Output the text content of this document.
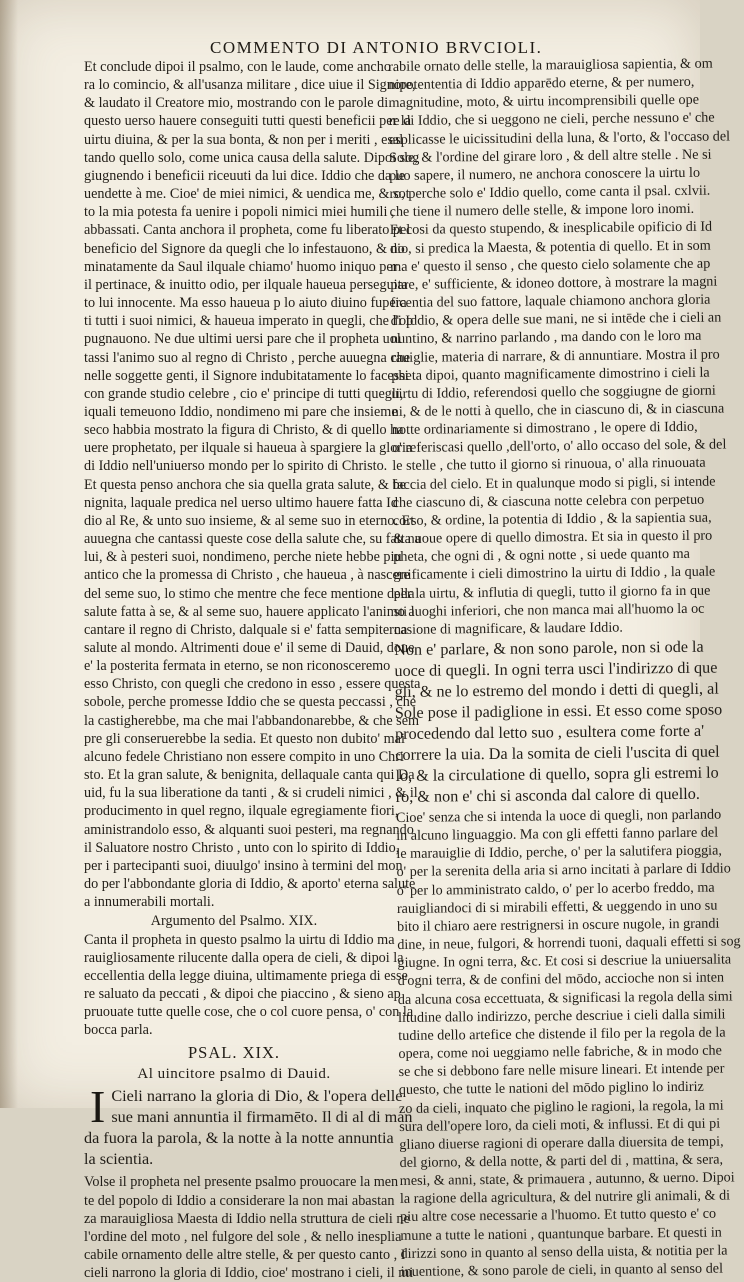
COMMENTO DI ANTONIO BRVCIOLI.
Et conclude dipoi il psalmo, con le laude, come ancho
ra lo comincio, & all'usanza militare , dice uiue il Signore,
& laudato il Creatore mio, mostrando con le parole di
questo uerso hauere conseguiti tutti questi beneficii per la
uirtu diuina, & per la sua bonta, & non per i meriti , esal
tando quello solo, come unica causa della salute. Dipoi sog
giugnendo i beneficii riceuuti da lui dice. Iddio che da le
uendette à me. Cioe' de miei nimici, & uendica me, & sot
to la mia potesta fa uenire i popoli nimici miei humili ,
abbassati. Canta anchora il propheta, come fu liberato pel
beneficio del Signore da quegli che lo infestauono, & no
minatamente da Saul ilquale chiamo' huomo iniquo per
il pertinace, & inuitto odio, per ilquale haueua perseguita
to lui innocente. Ma esso haueua p lo aiuto diuino fupera
ti tutti i suoi nimici, & haueua imperato in quegli, che l'op
pugnauono. Ne due ultimi uersi pare che il propheta uol
tassi l'animo suo al regno di Christo , perche auuegna che
nelle soggette genti, il Signore indubitatamente lo facessi
con grande studio celebre , cio e' principe di tutti quegli,
iquali temeuono Iddio, nondimeno mi pare che insieme
seco habbia mostrato la figura di Christo, & di quello ha
uere prophetato, per ilquale si haueua à spargiere la gloria
di Iddio nell'uniuerso mondo per lo spirito di Christo.
Et questa penso anchora che sia quella grata salute, & be
nignita, laquale predica nel uerso ultimo hauere fatta Id
dio al Re, & unto suo insieme, & al seme suo in eterno. Et
auuegna che cantassi queste cose della salute che, su fatta a
lui, & à pesteri suoi, nondimeno, perche niete hebbe piu
antico che la promessa di Christo , che haueua , à nascere
del seme suo, lo stimo che mentre che fece mentione della
salute fatta à se, & al seme suo, hauere applicato l'animo a
cantare il regno di Christo, dalquale si e' fatta sempiterna
salute al mondo. Altrimenti doue e' il seme di Dauid, doue
e' la posterita fermata in eterno, se non riconosceremo
esso Christo, con quegli che credono in esso , essere questa
sobole, perche promesse Iddio che se questa peccassi , che
la castigherebbe, ma che mai l'abbandonarebbe, & che sem
pre gli conseruerebbe la sedia. Et questo non dubito' mai
alcuno fedele Christiano non essere compito in uno Chri
sto. Et la gran salute, & benignita, dellaquale canta qui Da
uid, fu la sua liberatione da tanti , & si crudeli nimici , & il
producimento in quel regno, ilquale egregiamente fiori,
aministrandolo esso, & alquanti suoi pesteri, ma regnando
il Saluatore nostro Christo , unto con lo spirito di Iddio,
per i partecipanti suoi, diuulgo' insino à termini del mon
do per l'abbondante gloria di Iddio, & aporto' eterna salute
a innumerabili mortali.
Argumento del Psalmo. XIX.
Canta il propheta in questo psalmo la uirtu di Iddio ma
rauigliosamente rilucente dalla opera de cieli, & dipoi la
eccellentia della legge diuina, ultimamente priega di esse
re saluato da peccati , & dipoi che piaccino , & sieno ap
pruouate tutte quelle cose, che o col cuore pensa, o' con la
bocca parla.
PSAL. XIX.
Al uincitore psalmo di Dauid.
I Cieli narrano la gloria di Dio, & l'opera delle
sue mani annuntia il firmamēto. Il di al di man
da fuora la parola, & la notte à la notte annuntia
la scientia.
Volse il propheta nel presente psalmo prouocare la men
te del popolo di Iddio a considerare la non mai abastan
za marauigliosa Maesta di Iddio nella struttura de cieli ne
l'ordine del moto , nel fulgore del sole , & nello inesplia
cabile ornamento delle altre stelle, & per questo canto , I
cieli narrono la gloria di Iddio, cioe' mostrano i cieli, il mi
rabile ornato delle stelle, la marauigliosa sapientia, & om
nipotententia di Iddio apparēdo eterne, & per numero,
magnitudine, moto, & uirtu incomprensibili quelle ope
re di Iddio, che si ueggono ne cieli, perche nessuno e' che
esplicasse le uicissitudini della luna, & l'orto, & l'occaso del
Sole, & l'ordine del girare loro , & dell altre stelle . Ne si
puo sapere, il numero, ne anchora conoscere la uirtu lo
ro, perche solo e' Iddio quello, come canta il psal. cxlvii.
che tiene il numero delle stelle, & impone loro inomi.
Et cosi da questo stupendo, & inesplicabile opificio di Id
dio, si predica la Maesta, & potentia di quello. Et in som
ma e' questo il senso , che questo cielo solamente che ap
pare, e' sufficiente, & idoneo dottore, à mostrare la magni
ficentia del suo fattore, laquale chiamono anchora gloria
di Iddio, & opera delle sue mani, ne si intēde che i cieli an
nuntino, & narrino parlando , ma dando con le loro ma
rauiglie, materia di narrare, & di annuntiare. Mostra il pro
pheta dipoi, quanto magnificamente dimostrino i cieli la
uirtu di Iddio, referendosi quello che soggiugne de giorni
ni, & de le notti à quello, che in ciascuno di, & in ciascuna
notte ordinariamente si dimostrano , le opere di Iddio,
o' referiscasi quello ,dell'orto, o' allo occaso del sole, & del
le stelle , che tutto il giorno si rinuoua, o' alla rinuouata
faccia del cielo. Et in qualunque modo si pigli, si intende
che ciascuno di, & ciascuna notte celebra con perpetuo
corso, & ordine, la potentia di Iddio , & la sapientia sua,
& nuoue opere di quello dimostra. Et sia in questo il pro
pheta, che ogni di , & ogni notte , si uede quanto ma
gnificamente i cieli dimostrino la uirtu di Iddio , la quale
per la uirtu, & influtia di quegli, tutto il giorno fa in que
sti luoghi inferiori, che non manca mai all'huomo la oc
casione di magnificare, & laudare Iddio.
Non e' parlare, & non sono parole, non si ode la
uoce di quegli. In ogni terra usci l'indirizzo di que
gli, & ne lo estremo del mondo i detti di quegli, al
Sole pose il padiglione in essi. Et esso come sposo
procedendo dal letto suo , esultera come forte a'
correre la uia. Da la somita de cieli l'uscita di quel
lo, & la circulatione di quello, sopra gli estremi lo
ro, & non e' chi si asconda dal calore di quello.
Cioe' senza che si intenda la uoce di quegli, non parlando
in alcuno linguaggio. Ma con gli effetti fanno parlare del
le marauiglie di Iddio, perche, o' per la salutifera pioggia,
o' per la serenita della aria si arno incitati à parlare di Iddio
o' per lo amministrato caldo, o' per lo acerbo freddo, ma
rauigliandoci di si mirabili effetti, & ueggendo in uno su
bito il chiaro aere restrignersi in oscure nugole, in grandi
dine, in neue, fulgori, & horrendi tuoni, daquali effetti si sog
giugne. In ogni terra, &c. Et cosi si descriue la uniuersalita
d'ogni terra, & de confini del mōdo, accioche non si inten
da alcuna cosa eccettuata, & significasi la regola della simi
litudine dallo indirizzo, perche descriue i cieli dalla simili
tudine dello artefice che distende il filo per la regola de la
opera, come noi ueggiamo nelle fabriche, & in modo che
se che si debbono fare nelle misure lineari. Et intende per
questo, che tutte le nationi del mōdo piglino lo indiriz
zo da cieli, inquato che piglino le ragioni, la regola, la mi
sura dell'opere loro, da cieli moti, & influssi. Et di qui pi
gliano diuerse ragioni di operare dalla diuersita de tempi,
del giorno, & della notte, & parti del di , mattina, & sera,
mesi, & anni, state, & primauera , autunno, & uerno. Dipoi
la ragione della agricultura, & del nutrire gli animali, & di
piu altre cose necessarie a l'huomo. Et tutto questo e' co
mune a tutte le nationi , quantunque barbare. Et questi in
dirizzi sono in quanto al senso della uista, & notitia per la
inuentione, & sono parole de cieli, in quanto al senso del
